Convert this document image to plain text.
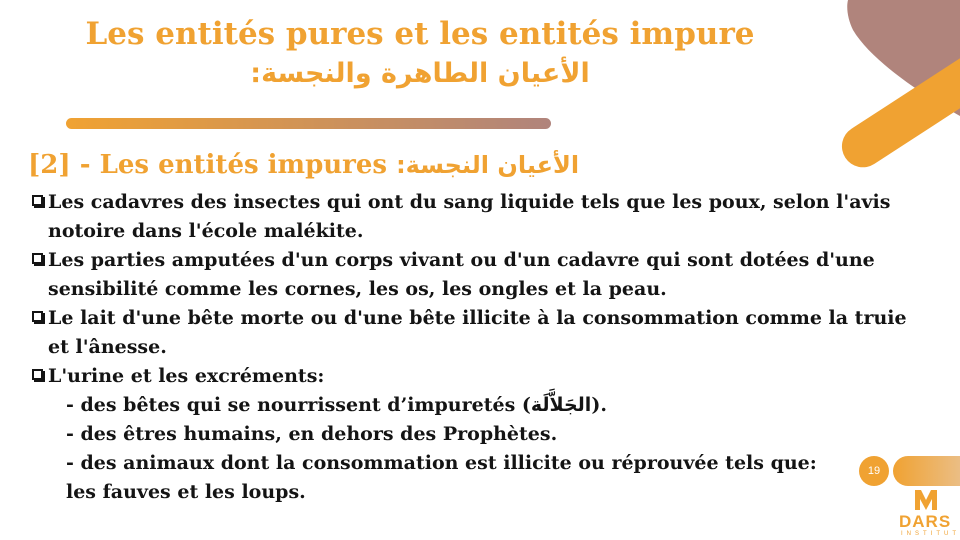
Les entités pures et les entités impure
الأعيان الطاهرة والنجسة:
[2] - Les entités impures الأعيان النجسة:
Les cadavres des insectes qui ont du sang liquide tels que les poux, selon l'avis
notoire dans l'école malékite.
Les parties amputées d'un corps vivant ou d'un cadavre qui sont dotées d'une
sensibilité comme les cornes, les os, les ongles et la peau.
Le lait d'une bête morte ou d'une bête illicite à la consommation comme la truie
et l'ânesse.
L'urine et les excréments:
- des bêtes qui se nourrissent d’impuretés (الجَلاَّلَة).
- des êtres humains, en dehors des Prophètes.
- des animaux dont la consommation est illicite ou réprouvée tels que:
les fauves et les loups.
19
DARS
INSTITUT
